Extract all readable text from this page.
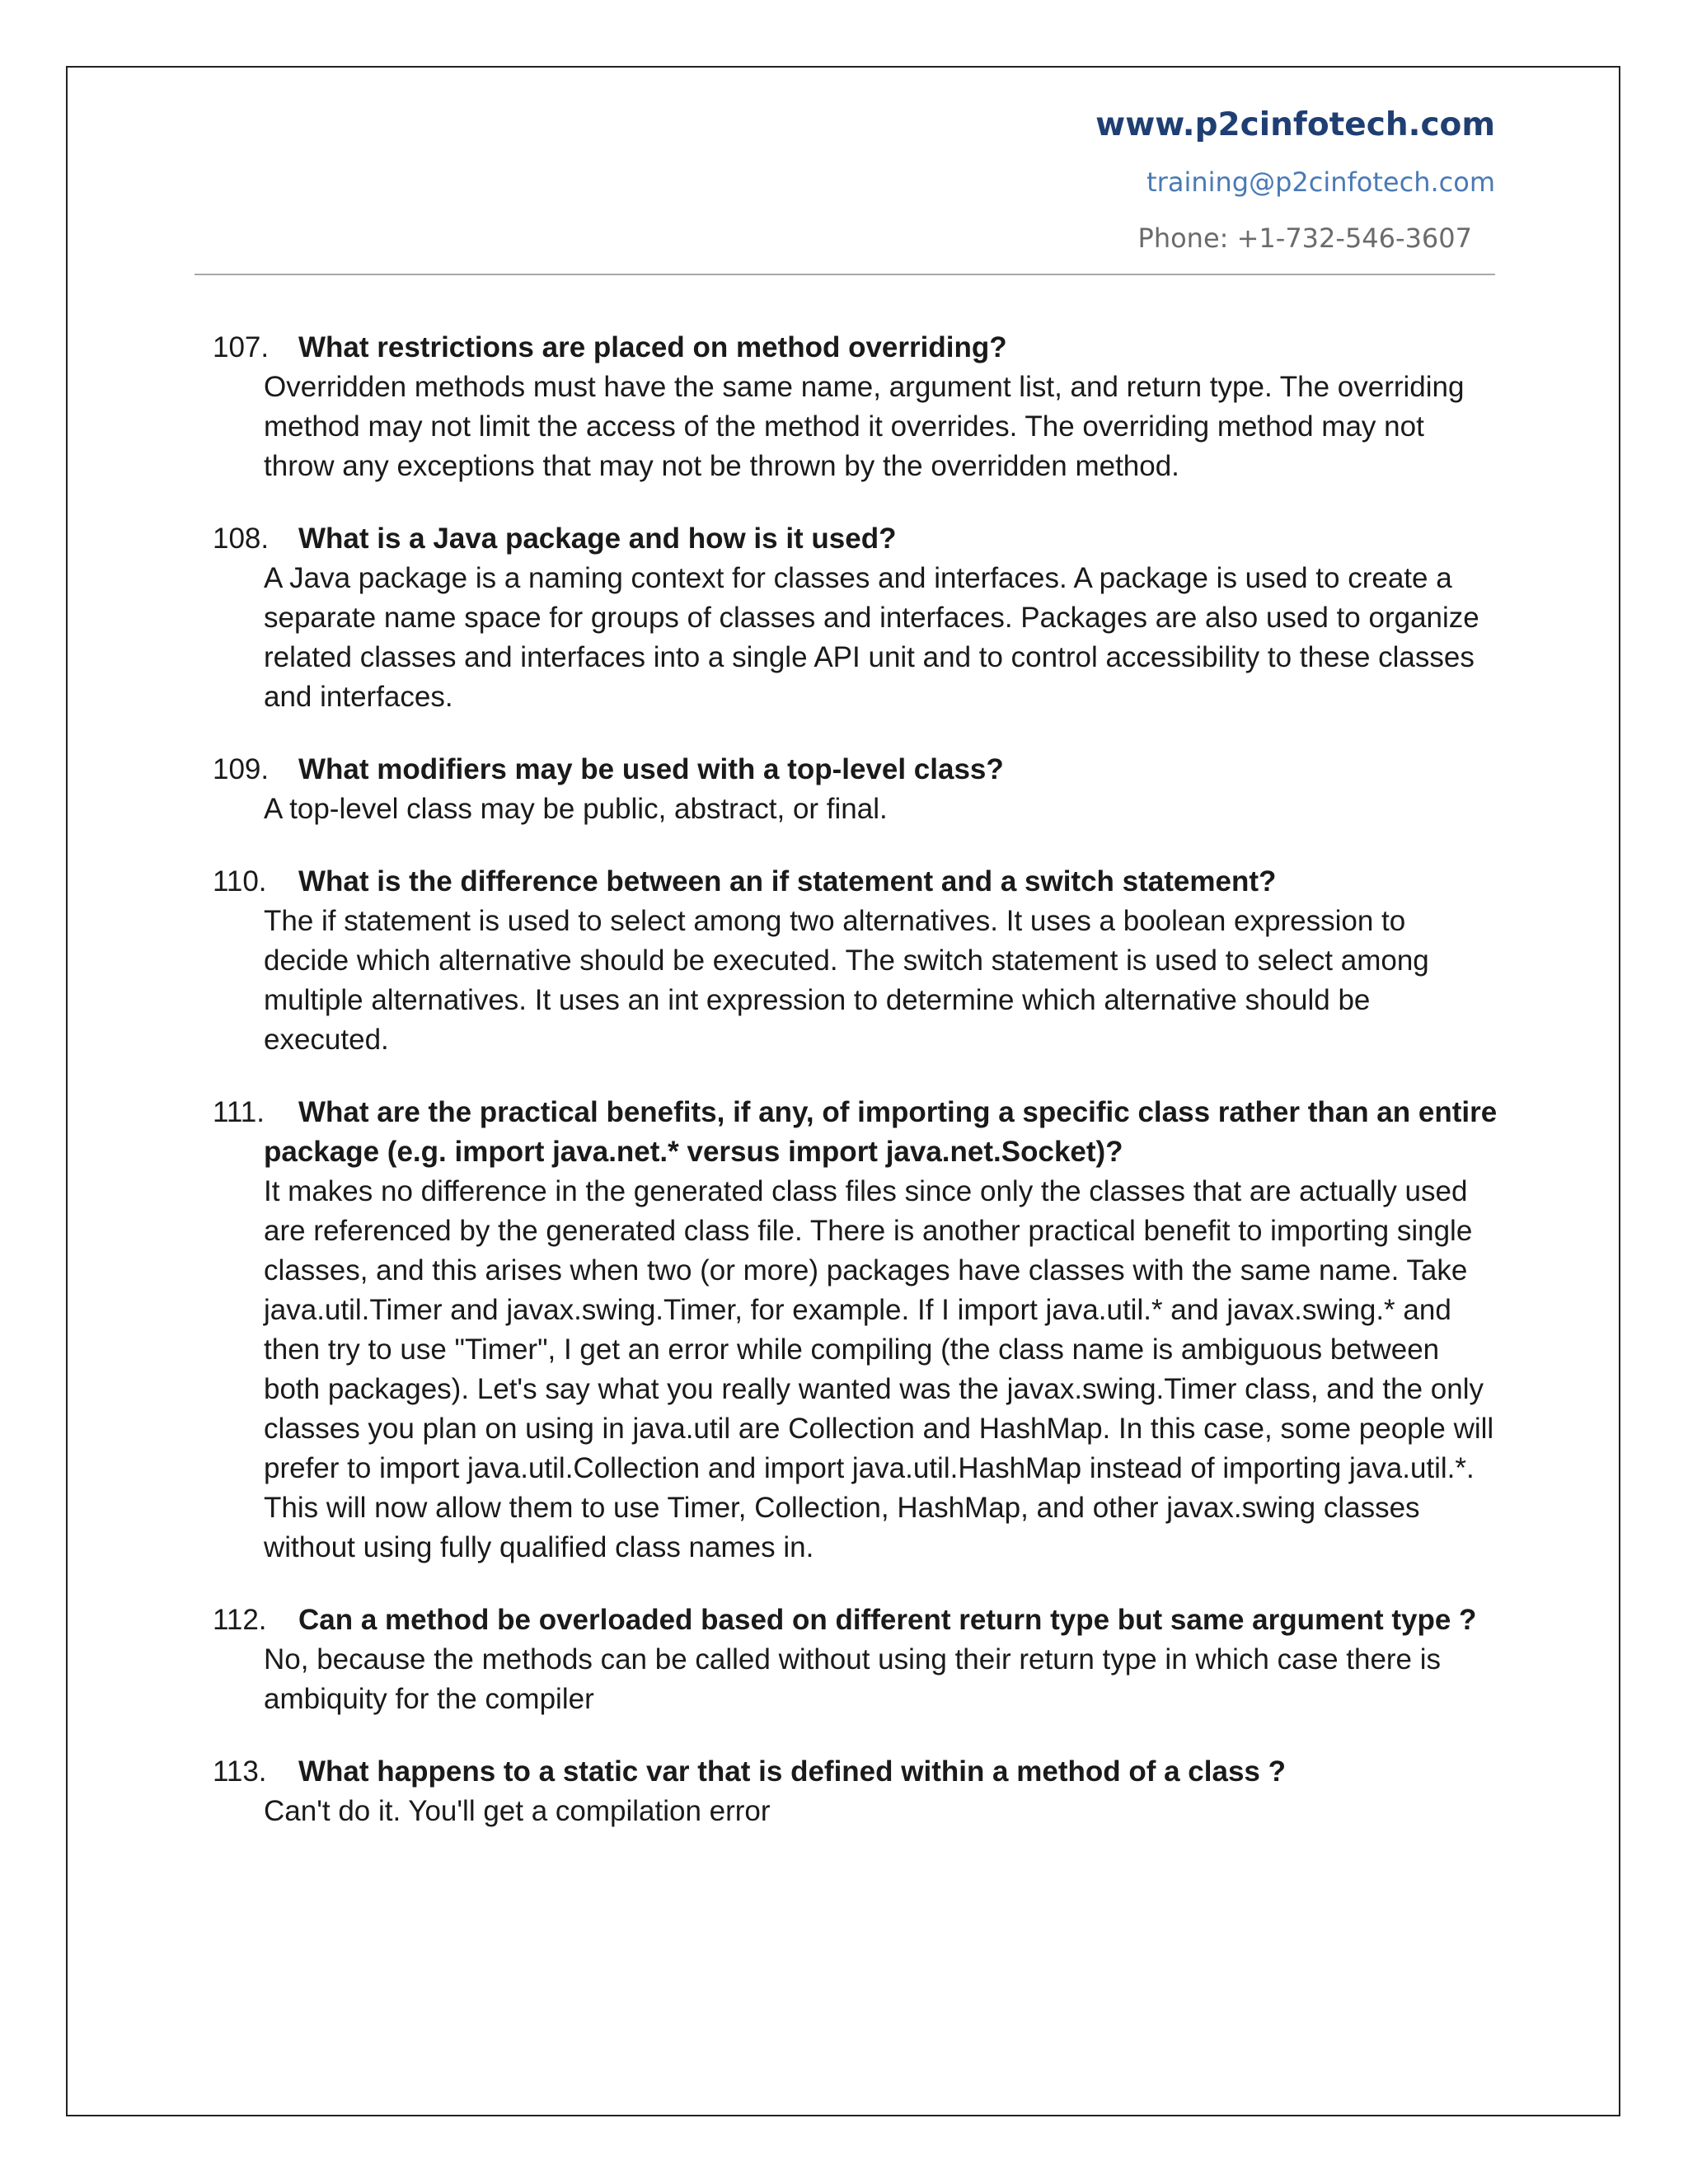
www.p2cinfotech.com
training@p2cinfotech.com
Phone: +1-732-546-3607
107. What restrictions are placed on method overriding?
Overridden methods must have the same name, argument list, and return type. The overriding method may not limit the access of the method it overrides. The overriding method may not throw any exceptions that may not be thrown by the overridden method.
108. What is a Java package and how is it used?
A Java package is a naming context for classes and interfaces. A package is used to create a separate name space for groups of classes and interfaces. Packages are also used to organize related classes and interfaces into a single API unit and to control accessibility to these classes and interfaces.
109. What modifiers may be used with a top-level class?
A top-level class may be public, abstract, or final.
110. What is the difference between an if statement and a switch statement?
The if statement is used to select among two alternatives. It uses a boolean expression to decide which alternative should be executed. The switch statement is used to select among multiple alternatives. It uses an int expression to determine which alternative should be executed.
111. What are the practical benefits, if any, of importing a specific class rather than an entire package (e.g. import java.net.* versus import java.net.Socket)?
It makes no difference in the generated class files since only the classes that are actually used are referenced by the generated class file. There is another practical benefit to importing single classes, and this arises when two (or more) packages have classes with the same name. Take java.util.Timer and javax.swing.Timer, for example. If I import java.util.* and javax.swing.* and then try to use "Timer", I get an error while compiling (the class name is ambiguous between both packages). Let's say what you really wanted was the javax.swing.Timer class, and the only classes you plan on using in java.util are Collection and HashMap. In this case, some people will prefer to import java.util.Collection and import java.util.HashMap instead of importing java.util.*. This will now allow them to use Timer, Collection, HashMap, and other javax.swing classes without using fully qualified class names in.
112. Can a method be overloaded based on different return type but same argument type ?
No, because the methods can be called without using their return type in which case there is ambiquity for the compiler
113. What happens to a static var that is defined within a method of a class ?
Can't do it. You'll get a compilation error
